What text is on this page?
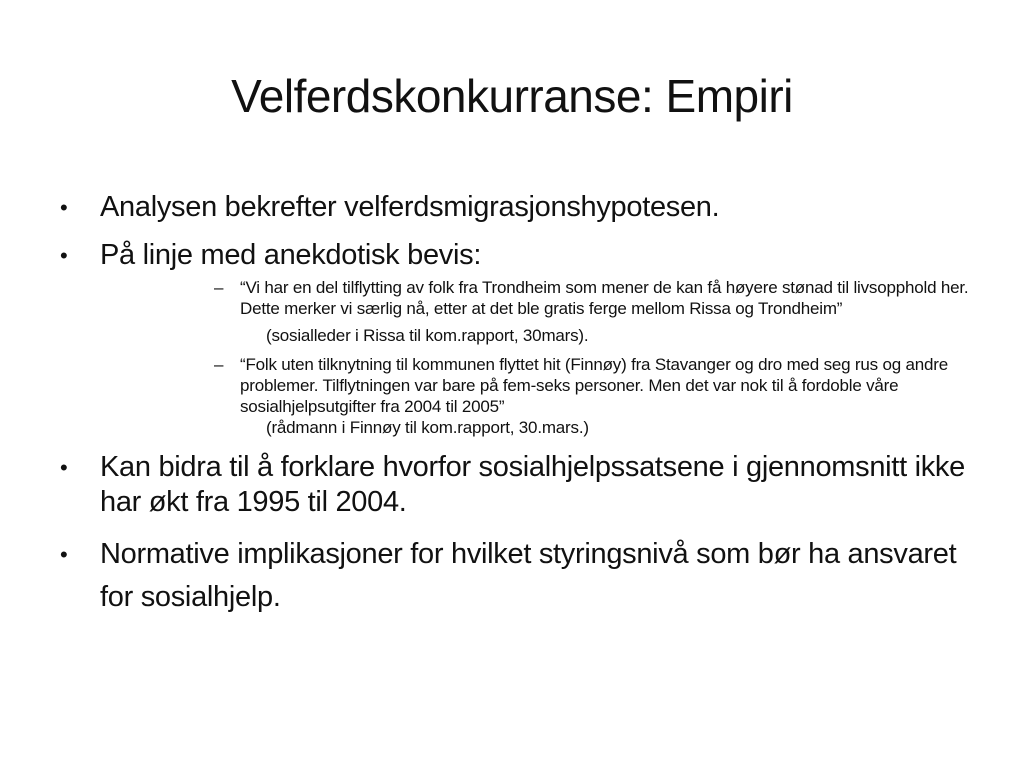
Velferdskonkurranse: Empiri
•	Analysen bekrefter velferdsmigrasjonshypotesen.
•	På linje med anekdotisk bevis:
– “Vi har en del tilflytting av folk fra Trondheim som mener de kan få høyere stønad til livsopphold her. Dette merker vi særlig nå, etter at det ble gratis ferge mellom Rissa og Trondheim”
(sosialleder i Rissa til kom.rapport, 30mars).
– “Folk uten tilknytning til kommunen flyttet hit (Finnøy) fra Stavanger og dro med seg rus og andre problemer. Tilflytningen var bare på fem-seks personer. Men det var nok til å fordoble våre sosialhjelpsutgifter fra 2004 til 2005”
(rådmann i Finnøy til kom.rapport, 30.mars.)
•	Kan bidra til å forklare hvorfor sosialhjelpssatsene i gjennomsnitt ikke har økt fra 1995 til 2004.
•	Normative implikasjoner for hvilket styringsnivå som bør ha ansvaret for sosialhjelp.
